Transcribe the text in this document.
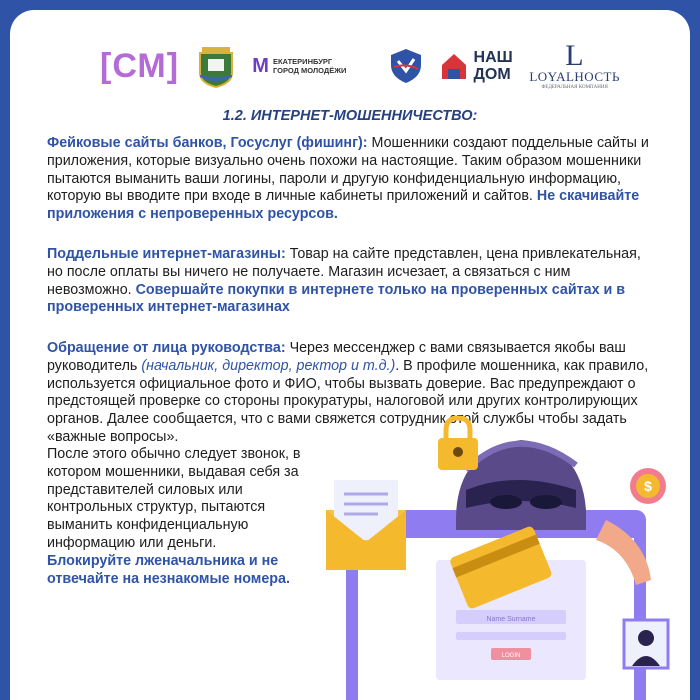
[СМ]	М ЕКАТЕРИНБУРГ
ГОРОД МОЛОДЁЖИ
НАШ
ДОМ
L
LOYALНОСТЬ
ФЕДЕРАЛЬНАЯ КОМПАНИЯ
1.2. ИНТЕРНЕТ-МОШЕННИЧЕСТВО:

Фейковые сайты банков, Госуслуг (фишинг): Мошенники создают поддельные сайты и приложения, которые визуально очень похожи на настоящие. Таким образом мошенники пытаются выманить ваши логины, пароли и другую конфиденциальную информацию, которую вы вводите при входе в личные кабинеты приложений и сайтов. Не скачивайте приложения с непроверенных ресурсов.

Поддельные интернет-магазины: Товар на сайте представлен, цена привлекательная, но после оплаты вы ничего не получаете. Магазин исчезает, а связаться с ним невозможно. Совершайте покупки в интернете только на проверенных сайтах и в проверенных интернет-магазинах

Обращение от лица руководства: Через мессенджер с вами связывается якобы ваш руководитель (начальник, директор, ректор и т.д.). В профиле мошенника, как правило, используется официальное фото и ФИО, чтобы вызвать доверие. Вас предупреждают о предстоящей проверке со стороны прокуратуры, налоговой или других контролирующих органов. Далее сообщается, что с вами свяжется сотрудник этой службы чтобы задать «важные вопросы».

После этого обычно следует звонок, в котором мошенники, выдавая себя за представителей силовых или контрольных структур, пытаются выманить конфиденциальную информацию или деньги.
Блокируйте лженачальника и не отвечайте на незнакомые номера.

Name Surname
LOGIN
$
